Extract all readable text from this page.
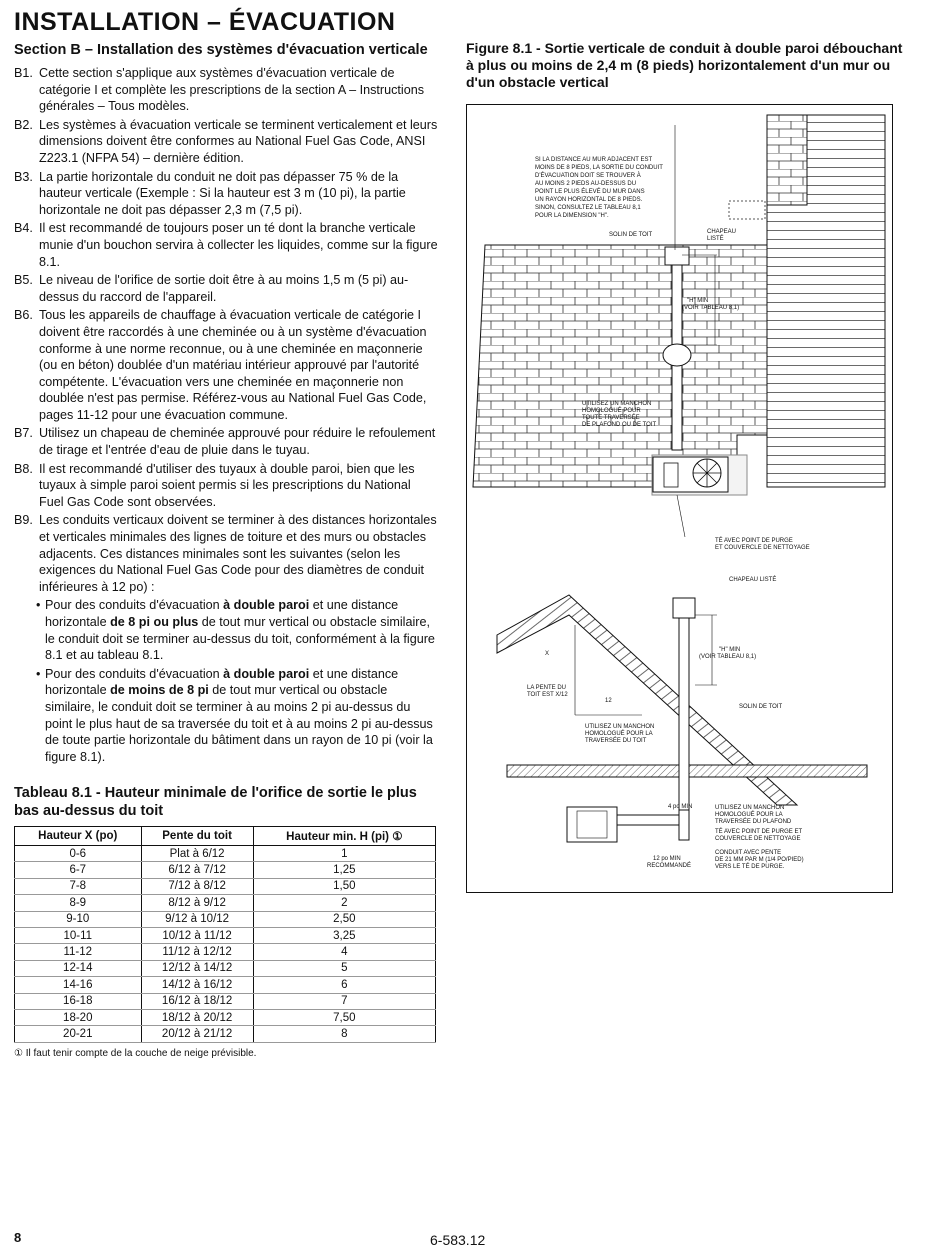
INSTALLATION – ÉVACUATION
Section B – Installation des systèmes d'évacuation verticale
B1. Cette section s'applique aux systèmes d'évacuation verticale de catégorie I et complète les prescriptions de la section A – Instructions générales – Tous modèles.
B2. Les systèmes à évacuation verticale se terminent verticalement et leurs dimensions doivent être conformes au National Fuel Gas Code, ANSI Z223.1 (NFPA 54) – dernière édition.
B3. La partie horizontale du conduit ne doit pas dépasser 75 % de la hauteur verticale (Exemple : Si la hauteur est 3 m (10 pi), la partie horizontale ne doit pas dépasser 2,3 m (7,5 pi).
B4. Il est recommandé de toujours poser un té dont la branche verticale munie d'un bouchon servira à collecter les liquides, comme sur la figure 8.1.
B5. Le niveau de l'orifice de sortie doit être à au moins 1,5 m (5 pi) au-dessus du raccord de l'appareil.
B6. Tous les appareils de chauffage à évacuation verticale de catégorie I doivent être raccordés à une cheminée ou à un système d'évacuation conforme à une norme reconnue, ou à une cheminée en maçonnerie (ou en béton) doublée d'un matériau intérieur approuvé par l'autorité compétente. L'évacuation vers une cheminée en maçonnerie non doublée n'est pas permise. Référez-vous au National Fuel Gas Code, pages 11-12 pour une évacuation commune.
B7. Utilisez un chapeau de cheminée approuvé pour réduire le refoulement de tirage et l'entrée d'eau de pluie dans le tuyau.
B8. Il est recommandé d'utiliser des tuyaux à double paroi, bien que les tuyaux à simple paroi soient permis si les prescriptions du National Fuel Gas Code sont observées.
B9. Les conduits verticaux doivent se terminer à des distances horizontales et verticales minimales des lignes de toiture et des murs ou obstacles adjacents. Ces distances minimales sont les suivantes (selon les exigences du National Fuel Gas Code pour des diamètres de conduit inférieures à 12 po) :
• Pour des conduits d'évacuation à double paroi et une distance horizontale de 8 pi ou plus de tout mur vertical ou obstacle similaire, le conduit doit se terminer au-dessus du toit, conformément à la figure 8.1 et au tableau 8.1.
• Pour des conduits d'évacuation à double paroi et une distance horizontale de moins de 8 pi de tout mur vertical ou obstacle similaire, le conduit doit se terminer à au moins 2 pi au-dessus du point le plus haut de sa traversée du toit et à au moins 2 pi au-dessus de toute partie horizontale du bâtiment dans un rayon de 10 pi (voir la figure 8.1).
Tableau 8.1 - Hauteur minimale de l'orifice de sortie le plus bas au-dessus du toit
Hauteur X (po)	Pente du toit	Hauteur min. H (pi) ①
0-6	Plat à 6/12	1
6-7	6/12 à 7/12	1,25
7-8	7/12 à 8/12	1,50
8-9	8/12 à 9/12	2
9-10	9/12 à 10/12	2,50
10-11	10/12 à 11/12	3,25
11-12	11/12 à 12/12	4
12-14	12/12 à 14/12	5
14-16	14/12 à 16/12	6
16-18	16/12 à 18/12	7
18-20	18/12 à 20/12	7,50
20-21	20/12 à 21/12	8
① Il faut tenir compte de la couche de neige prévisible.
Figure 8.1 - Sortie verticale de conduit à double paroi débouchant à plus ou moins de 2,4 m (8 pieds) horizontalement d'un mur ou d'un obstacle vertical
SI LA DISTANCE AU MUR ADJACENT EST MOINS DE 8 PIEDS, LA SORTIE DU CONDUIT D'ÉVACUATION DOIT SE TROUVER À AU MOINS 2 PIEDS AU-DESSUS DU POINT LE PLUS ÉLEVÉ DU MUR DANS UN RAYON HORIZONTAL DE 8 PIEDS. SINON, CONSULTEZ LE TABLEAU 8,1 POUR LA DIMENSION "H".
SOLIN DE TOIT	CHAPEAU LISTÉ
"H" MIN (VOIR TABLEAU 8,1)
UTILISEZ UN MANCHON HOMOLOGUÉ POUR TOUTE TRAVERSÉE DE PLAFOND OU DE TOIT
TÉ AVEC POINT DE PURGE ET COUVERCLE DE NETTOYAGE
CHAPEAU LISTÉ
"H" MIN (VOIR TABLEAU 8,1)
X
LA PENTE DU TOIT EST X/12
12
SOLIN DE TOIT
UTILISEZ UN MANCHON HOMOLOGUÉ POUR LA TRAVERSÉE DU TOIT
4 po MIN	UTILISEZ UN MANCHON HOMOLOGUÉ POUR LA TRAVERSÉE DU PLAFOND
TÉ AVEC POINT DE PURGE ET COUVERCLE DE NETTOYAGE
12 po MIN RECOMMANDÉ
CONDUIT AVEC PENTE DE 21 MM PAR M (1/4 PO/PIED) VERS LE TÉ DE PURGE.
8	6-583.12
